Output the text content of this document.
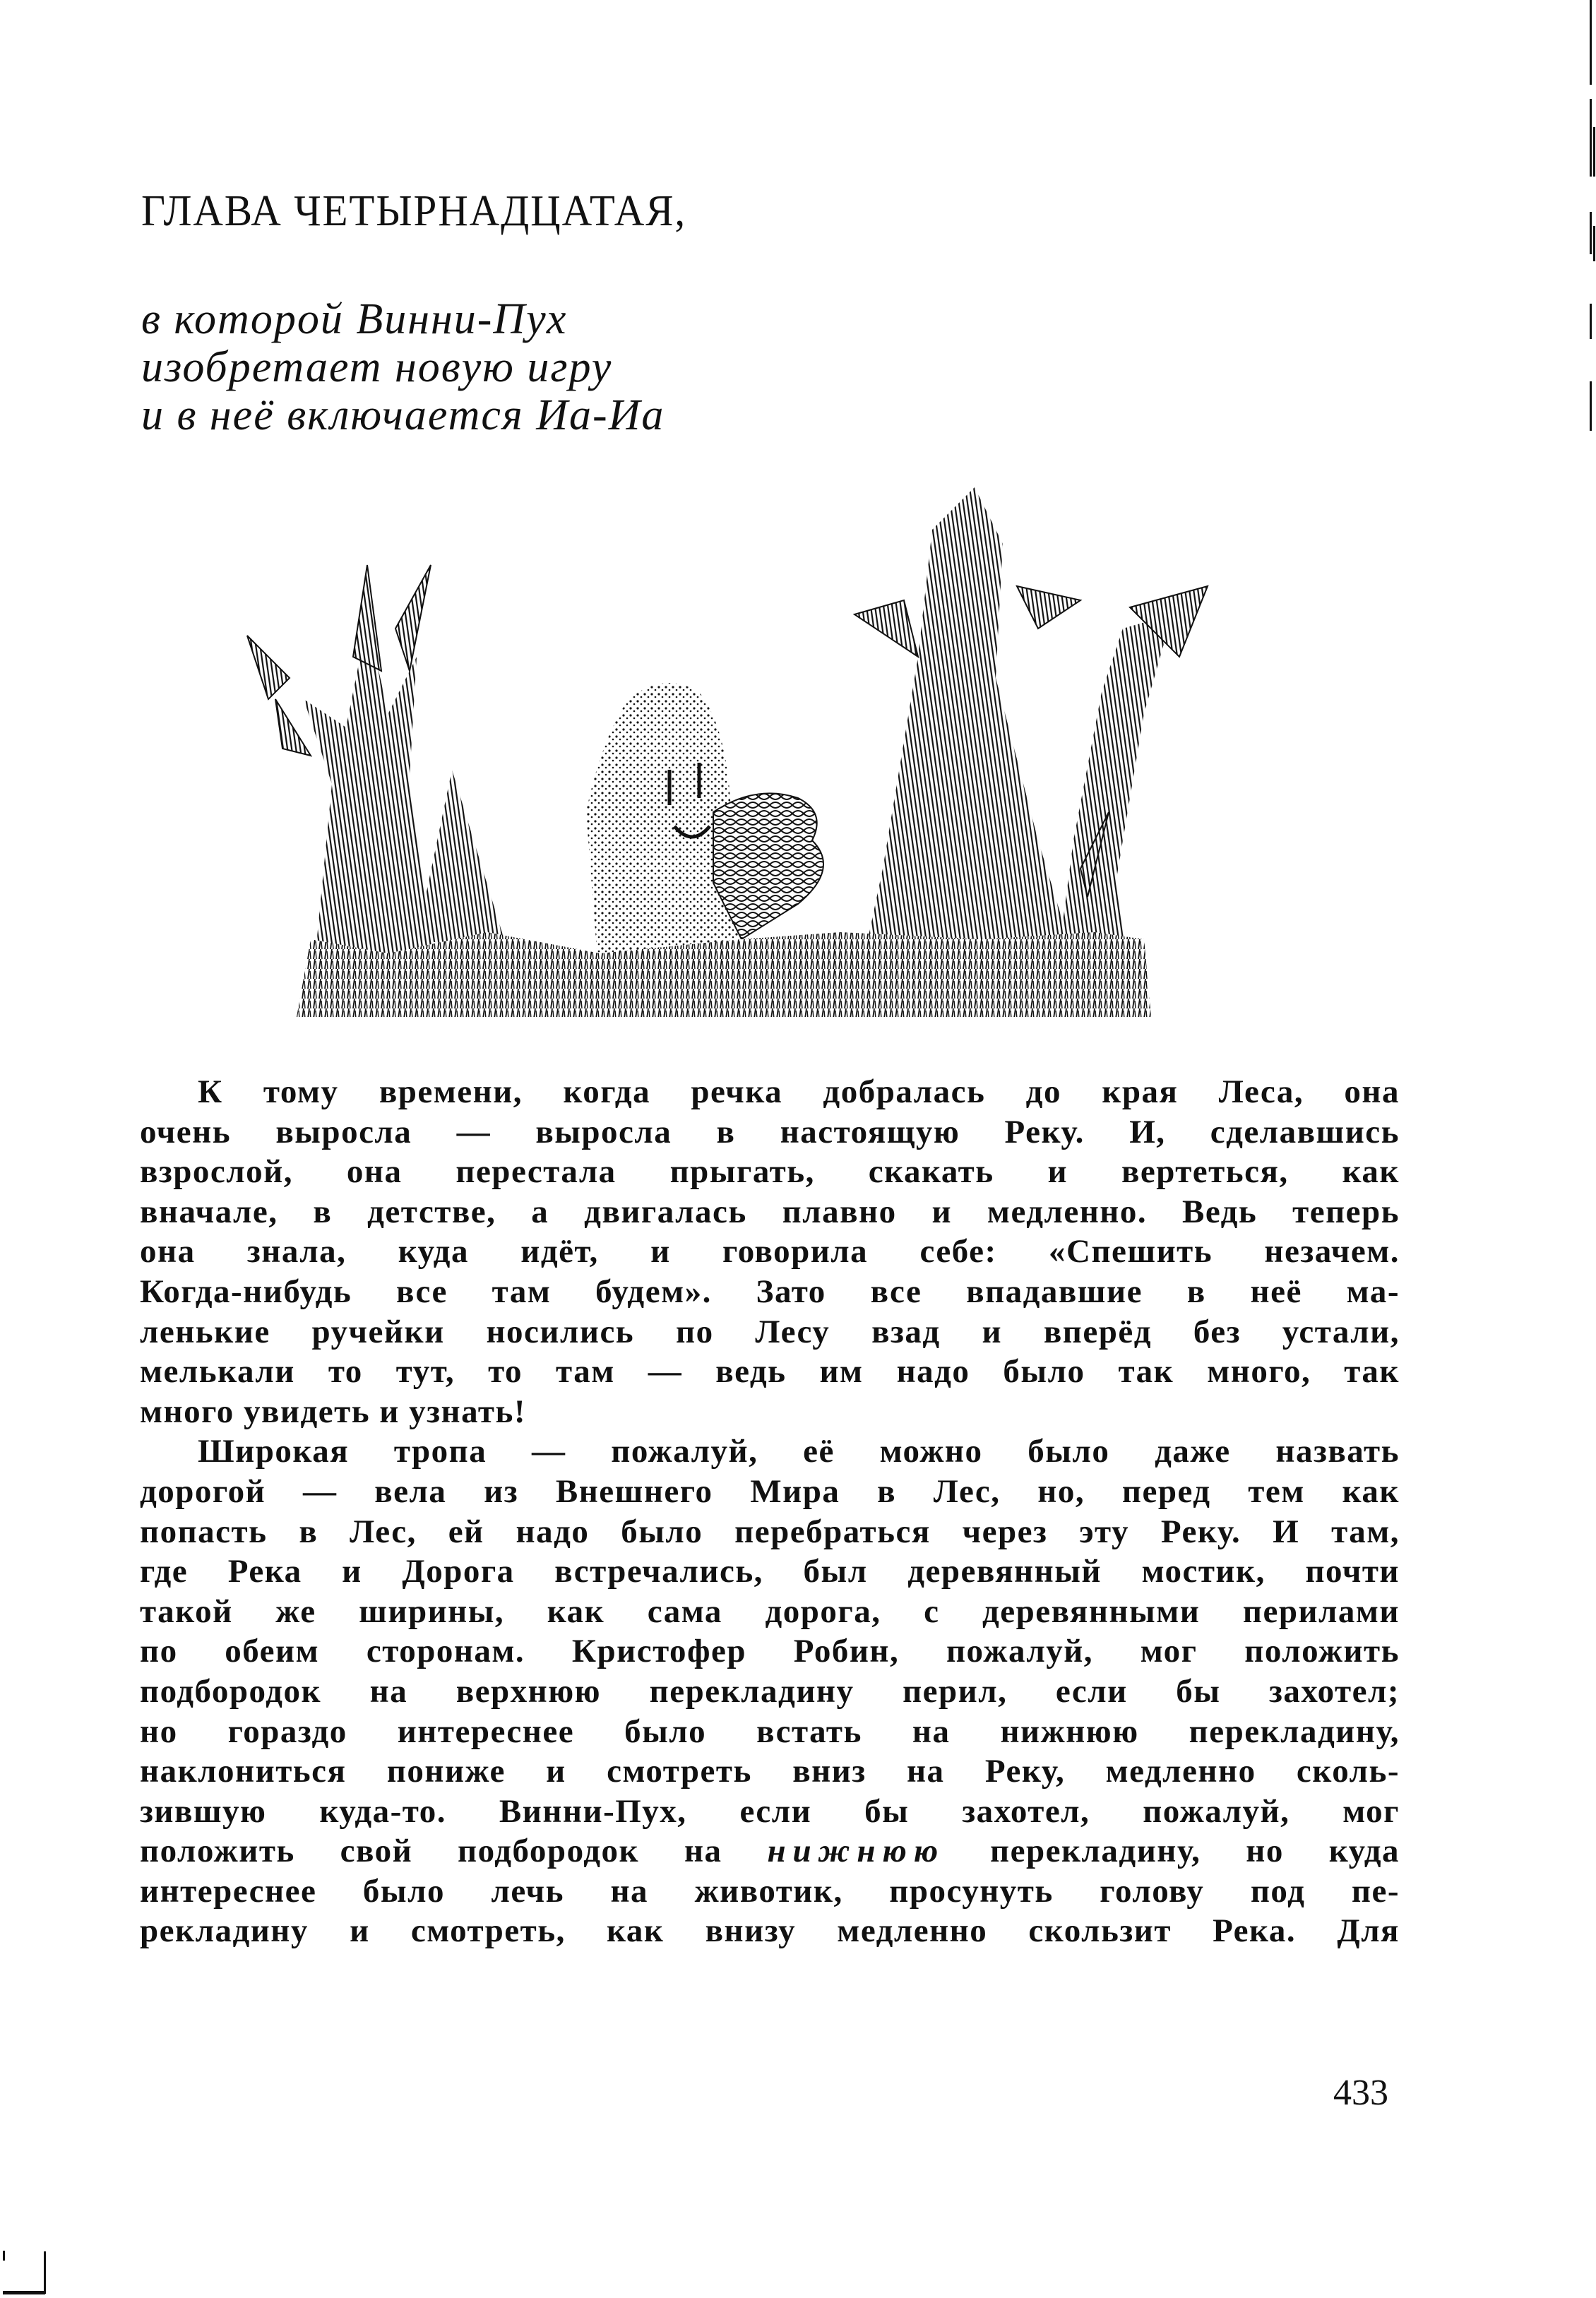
ГЛАВА ЧЕТЫРНАДЦАТАЯ,
в которой Винни-Пух
изобретает новую игру
и в неё включается Иа-Иа
К тому времени, когда речка добралась до края Леса, она
очень выросла — выросла в настоящую Реку. И, сделавшись
взрослой, она перестала прыгать, скакать и вертеться, как
вначале, в детстве, а двигалась плавно и медленно. Ведь теперь
она знала, куда идёт, и говорила себе: «Спешить незачем.
Когда-нибудь все там будем». Зато все впадавшие в неё ма-
ленькие ручейки носились по Лесу взад и вперёд без устали,
мелькали то тут, то там — ведь им надо было так много, так
много увидеть и узнать!
Широкая тропа — пожалуй, её можно было даже назвать
дорогой — вела из Внешнего Мира в Лес, но, перед тем как
попасть в Лес, ей надо было перебраться через эту Реку. И там,
где Река и Дорога встречались, был деревянный мостик, почти
такой же ширины, как сама дорога, с деревянными перилами
по обеим сторонам. Кристофер Робин, пожалуй, мог положить
подбородок на верхнюю перекладину перил, если бы захотел;
но гораздо интереснее было встать на нижнюю перекладину,
наклониться пониже и смотреть вниз на Реку, медленно сколь-
зившую куда-то. Винни-Пух, если бы захотел, пожалуй, мог
положить свой подбородок на нижнюю перекладину, но куда
интереснее было лечь на животик, просунуть голову под пе-
рекладину и смотреть, как внизу медленно скользит Река. Для
433
